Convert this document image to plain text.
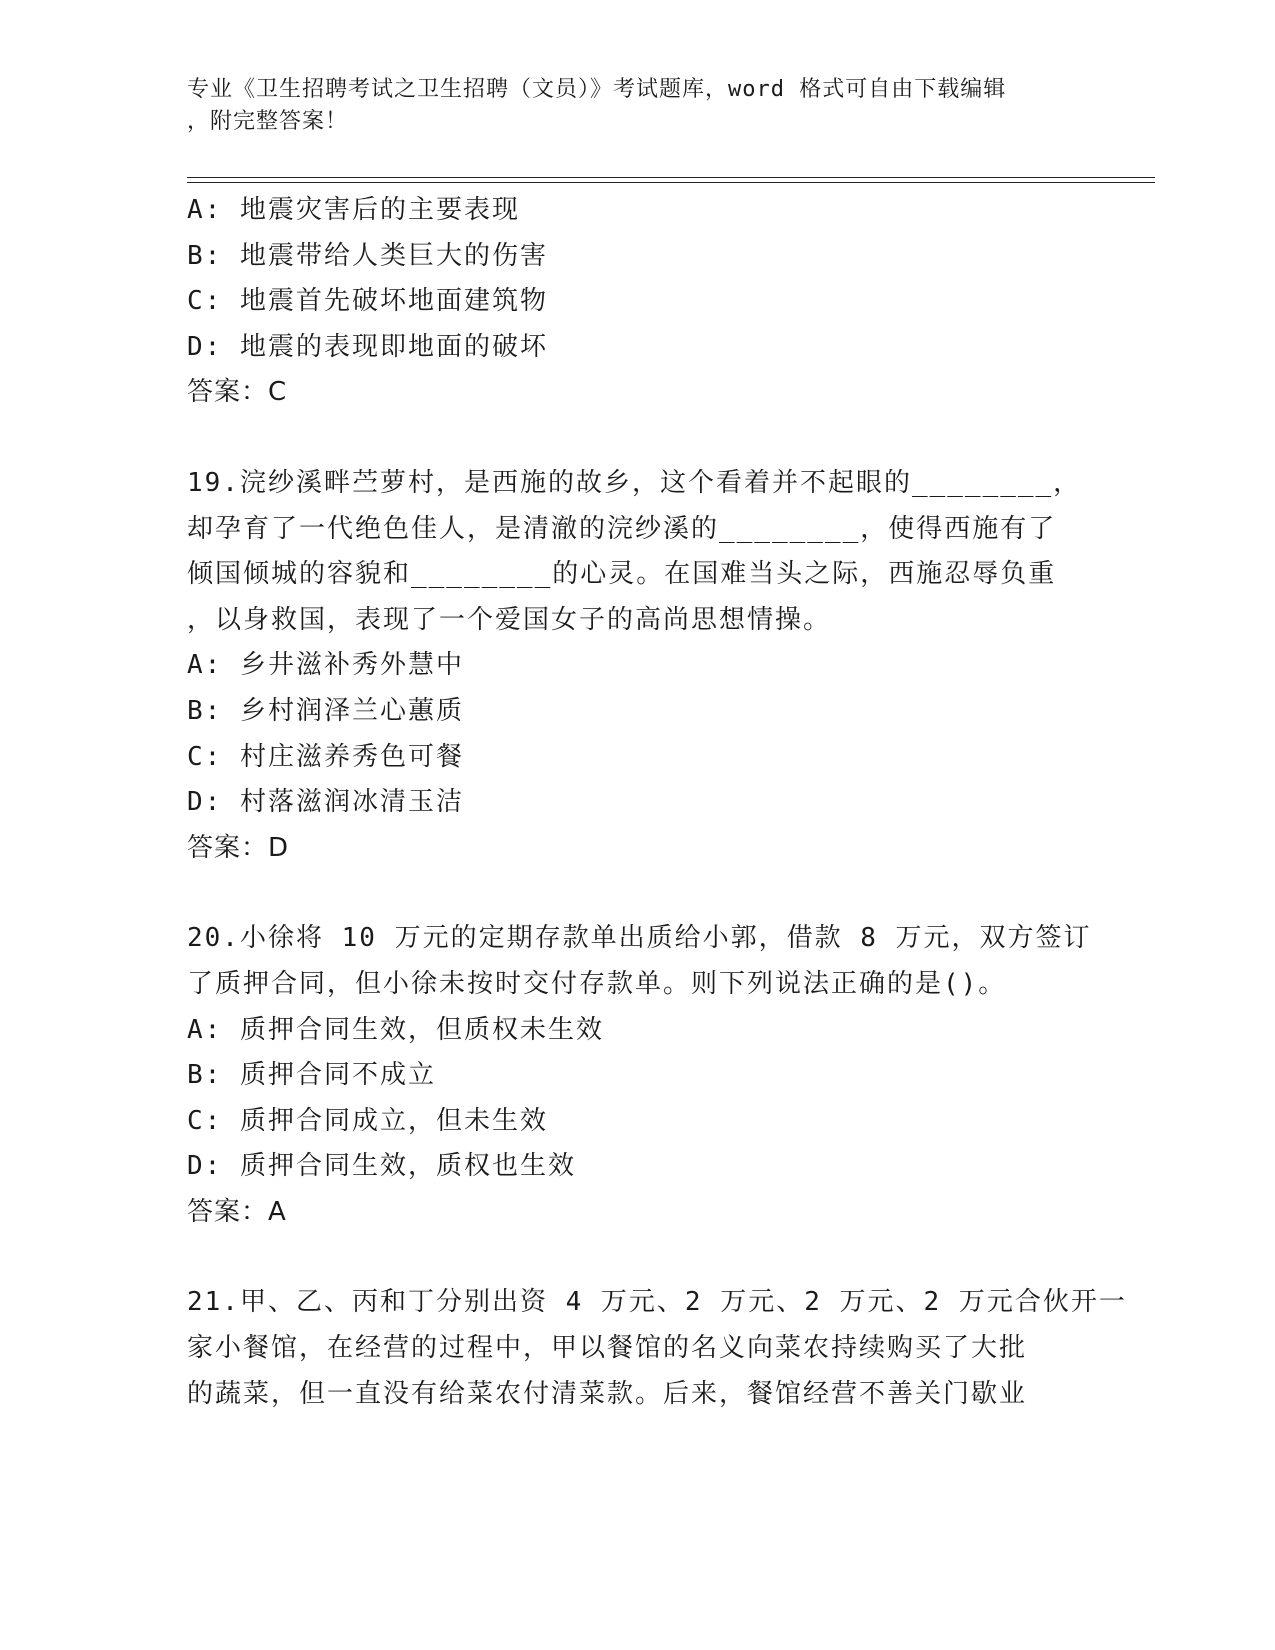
专业《卫生招聘考试之卫生招聘（文员）》考试题库，word 格式可自由下载编辑
，附完整答案！
A: 地震灾害后的主要表现
B: 地震带给人类巨大的伤害
C: 地震首先破坏地面建筑物
D: 地震的表现即地面的破坏
答案：C
19.浣纱溪畔苎萝村，是西施的故乡，这个看着并不起眼的________，
却孕育了一代绝色佳人，是清澈的浣纱溪的________，使得西施有了
倾国倾城的容貌和________的心灵。在国难当头之际，西施忍辱负重
，以身救国，表现了一个爱国女子的高尚思想情操。
A: 乡井滋补秀外慧中
B: 乡村润泽兰心蕙质
C: 村庄滋养秀色可餐
D: 村落滋润冰清玉洁
答案：D
20.小徐将 10 万元的定期存款单出质给小郭，借款 8 万元，双方签订
了质押合同，但小徐未按时交付存款单。则下列说法正确的是()。
A: 质押合同生效，但质权未生效
B: 质押合同不成立
C: 质押合同成立，但未生效
D: 质押合同生效，质权也生效
答案：A
21.甲、乙、丙和丁分别出资 4 万元、2 万元、2 万元、2 万元合伙开一
家小餐馆，在经营的过程中，甲以餐馆的名义向菜农持续购买了大批
的蔬菜，但一直没有给菜农付清菜款。后来，餐馆经营不善关门歇业
